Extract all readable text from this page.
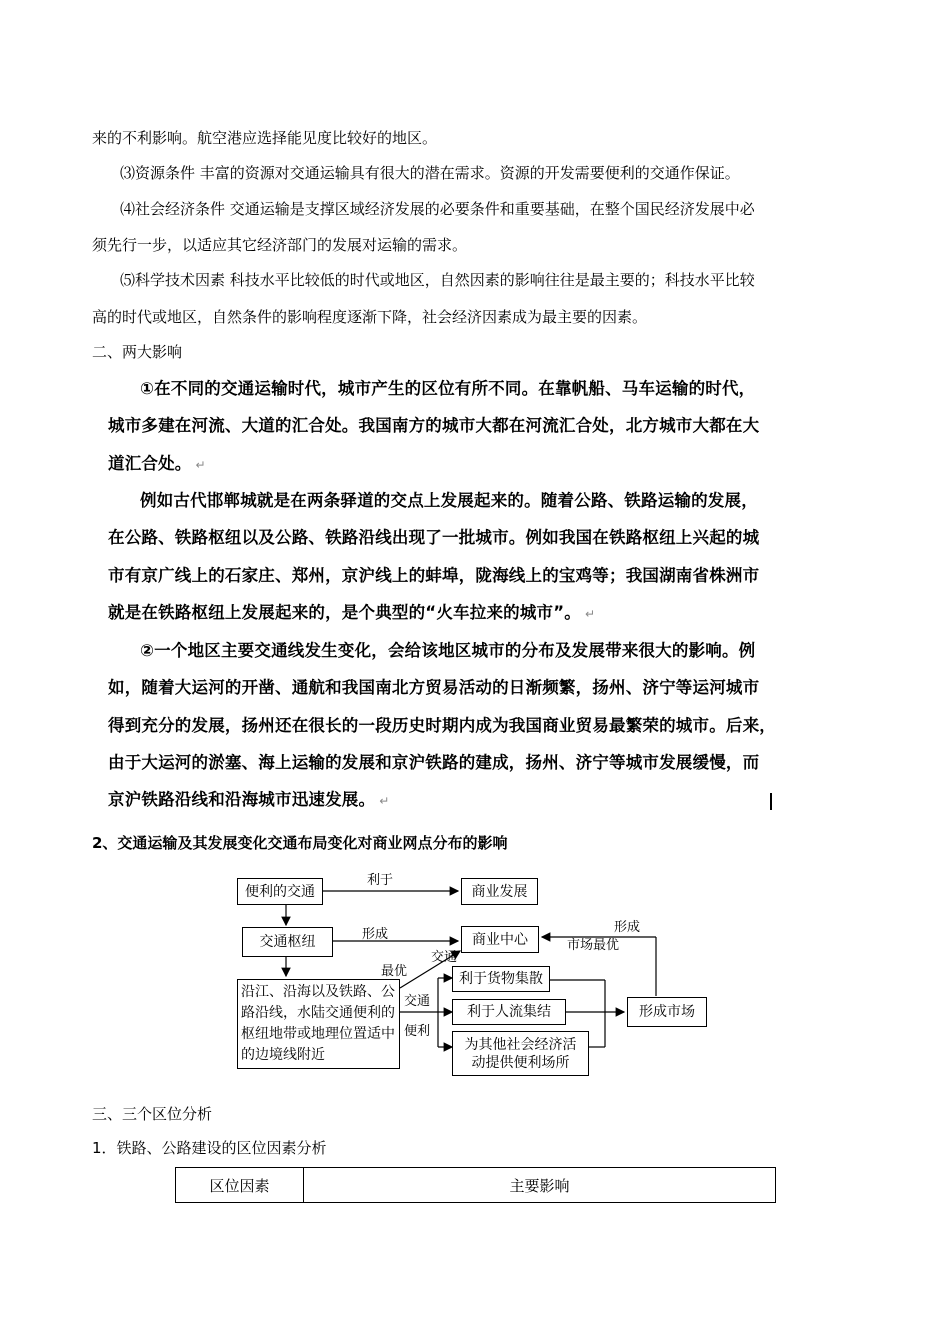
来的不利影响。航空港应选择能见度比较好的地区。
⑶资源条件 丰富的资源对交通运输具有很大的潜在需求。资源的开发需要便利的交通作保证。
⑷社会经济条件 交通运输是支撑区域经济发展的必要条件和重要基础，在整个国民经济发展中必
须先行一步，以适应其它经济部门的发展对运输的需求。
⑸科学技术因素 科技水平比较低的时代或地区，自然因素的影响往往是最主要的；科技水平比较
高的时代或地区，自然条件的影响程度逐渐下降，社会经济因素成为最主要的因素。
二、两大影响
①在不同的交通运输时代，城市产生的区位有所不同。在靠帆船、马车运输的时代，
城市多建在河流、大道的汇合处。我国南方的城市大都在河流汇合处，北方城市大都在大
道汇合处。 ↵
例如古代邯郸城就是在两条驿道的交点上发展起来的。随着公路、铁路运输的发展，
在公路、铁路枢纽以及公路、铁路沿线出现了一批城市。例如我国在铁路枢纽上兴起的城
市有京广线上的石家庄、郑州，京沪线上的蚌埠，陇海线上的宝鸡等；我国湖南省株洲市
就是在铁路枢纽上发展起来的，是个典型的“火车拉来的城市”。 ↵
②一个地区主要交通线发生变化，会给该地区城市的分布及发展带来很大的影响。例
如，随着大运河的开凿、通航和我国南北方贸易活动的日渐频繁，扬州、济宁等运河城市
得到充分的发展，扬州还在很长的一段历史时期内成为我国商业贸易最繁荣的城市。后来，
由于大运河的淤塞、海上运输的发展和京沪铁路的建成，扬州、济宁等城市发展缓慢，而
京沪铁路沿线和沿海城市迅速发展。 ↵
2、交通运输及其发展变化交通布局变化对商业网点分布的影响
便利的交通	商业发展
交通枢纽	商业中心
沿江、沿海以及铁路、公路沿线，水陆交通便利的枢纽地带或地理位置适中的边境线附近
利于货物集散
利于人流集结
为其他社会经济活动提供便利场所
形成市场
利于
形成
交通
最优
交通
便利
形成
市场最优
三、三个区位分析
1．铁路、公路建设的区位因素分析
区位因素	主要影响
